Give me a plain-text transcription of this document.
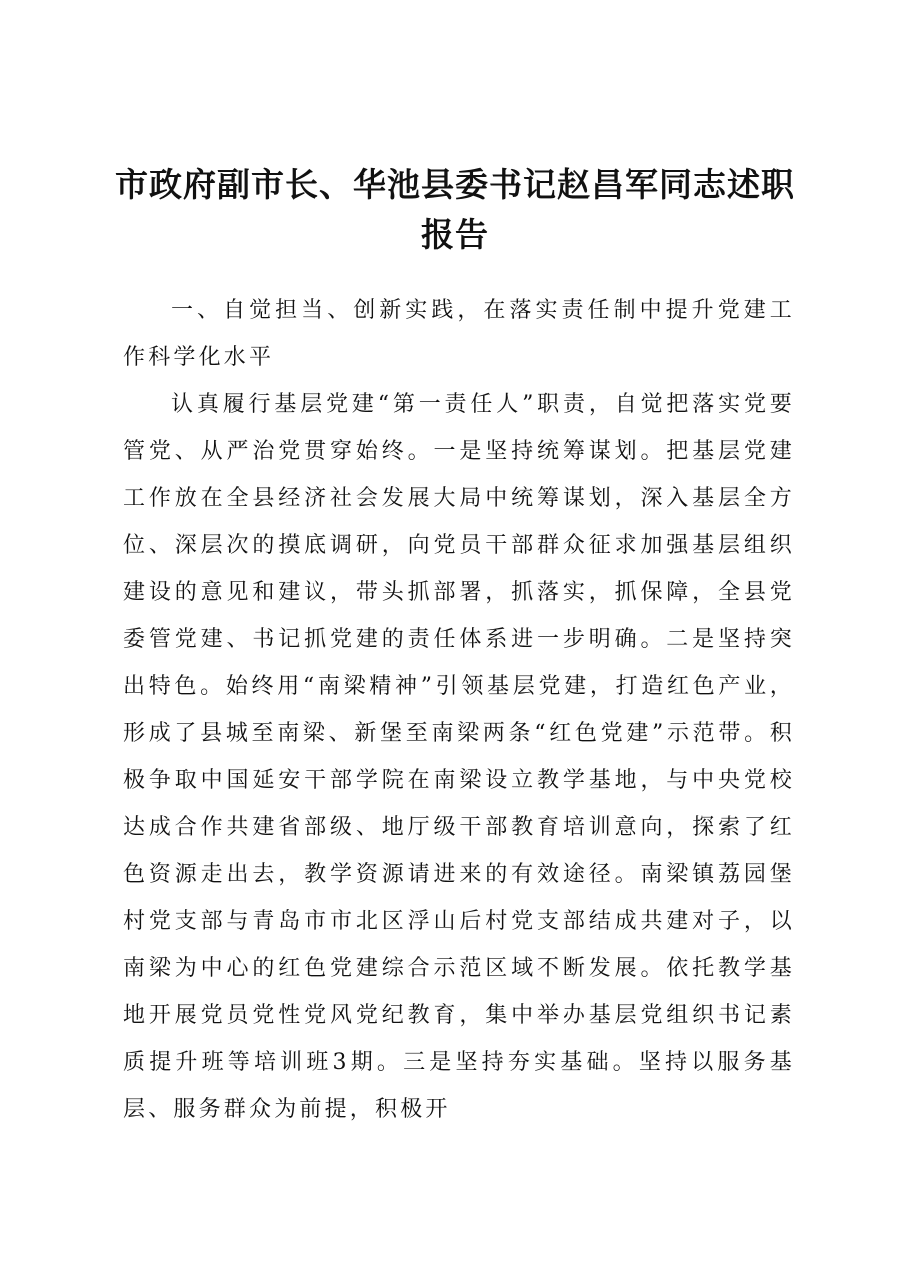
市政府副市长、华池县委书记赵昌军同志述职报告

一、自觉担当、创新实践，在落实责任制中提升党建工作科学化水平

认真履行基层党建“第一责任人”职责，自觉把落实党要管党、从严治党贯穿始终。一是坚持统筹谋划。把基层党建工作放在全县经济社会发展大局中统筹谋划，深入基层全方位、深层次的摸底调研，向党员干部群众征求加强基层组织建设的意见和建议，带头抓部署，抓落实，抓保障，全县党委管党建、书记抓党建的责任体系进一步明确。二是坚持突出特色。始终用“南梁精神”引领基层党建，打造红色产业，形成了县城至南梁、新堡至南梁两条“红色党建”示范带。积极争取中国延安干部学院在南梁设立教学基地，与中央党校达成合作共建省部级、地厅级干部教育培训意向，探索了红色资源走出去，教学资源请进来的有效途径。南梁镇荔园堡村党支部与青岛市市北区浮山后村党支部结成共建对子，以南梁为中心的红色党建综合示范区域不断发展。依托教学基地开展党员党性党风党纪教育，集中举办基层党组织书记素质提升班等培训班3期。三是坚持夯实基础。坚持以服务基层、服务群众为前提，积极开
